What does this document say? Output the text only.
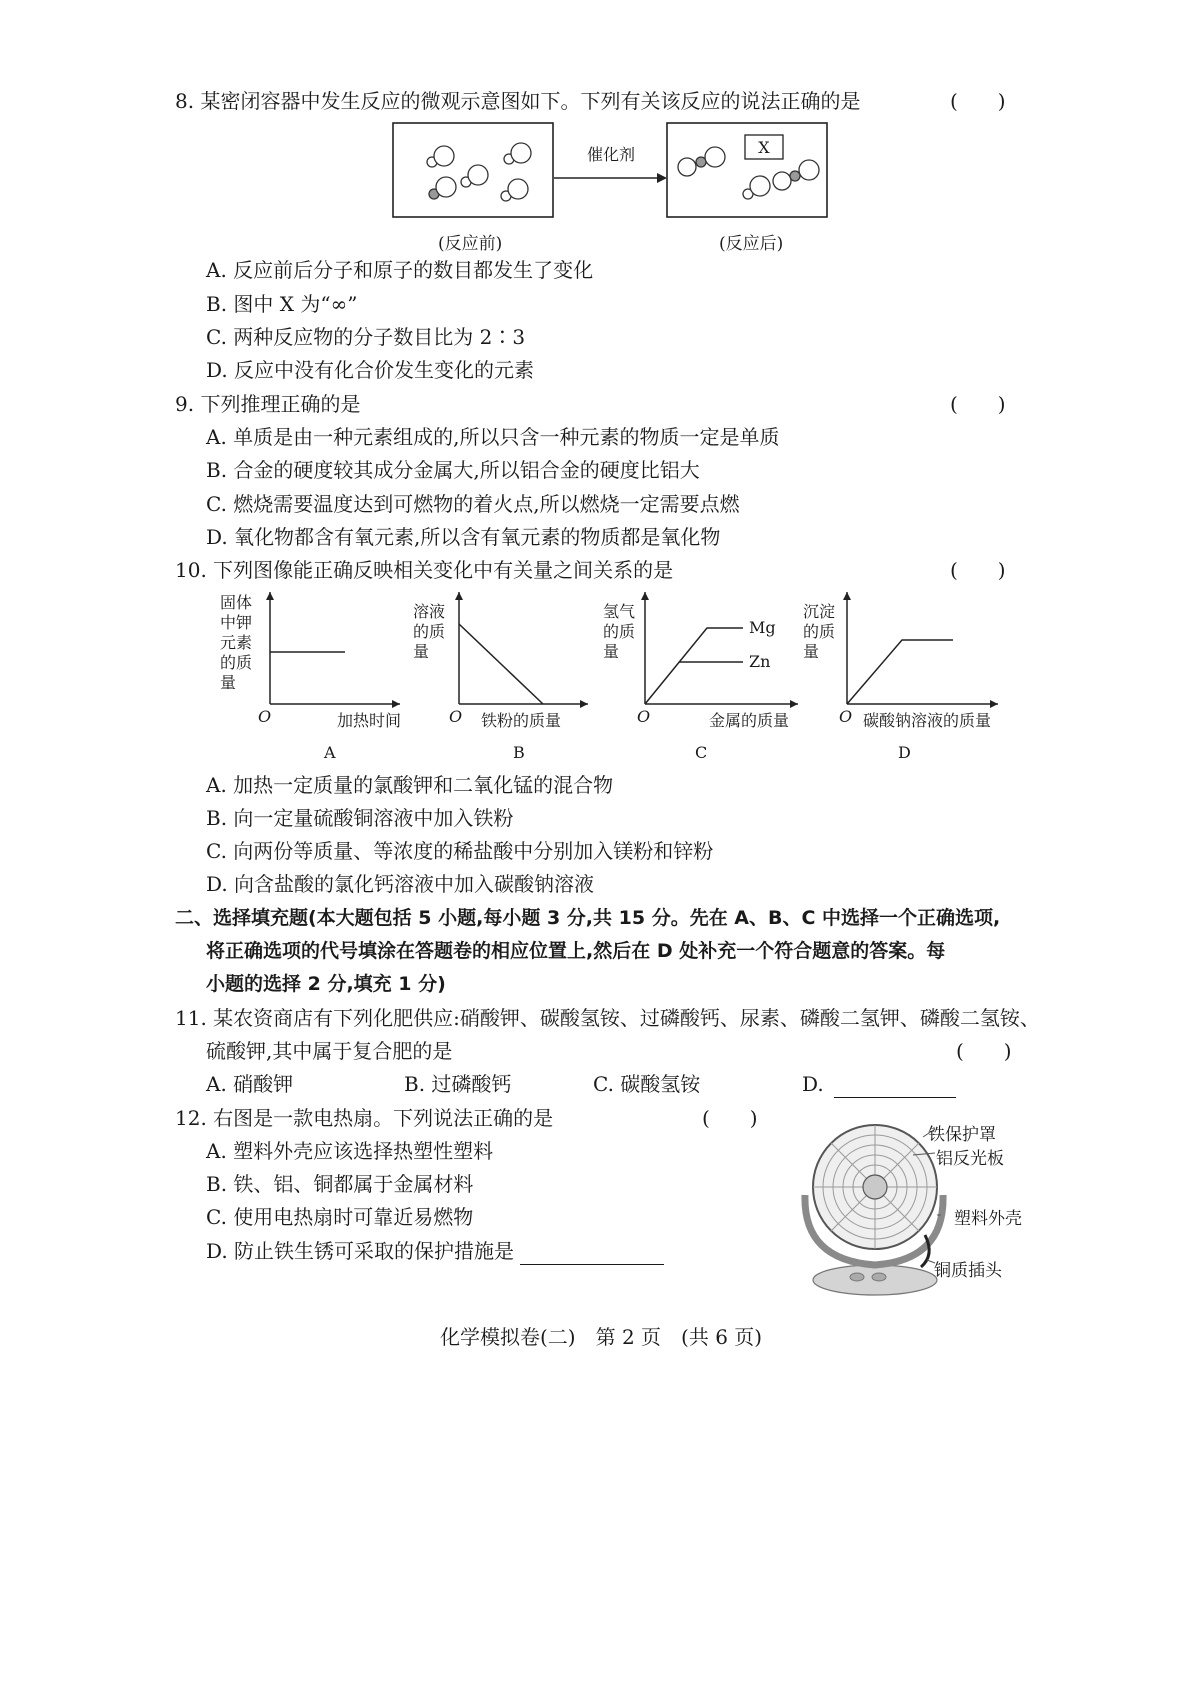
8. 某密闭容器中发生反应的微观示意图如下。下列有关该反应的说法正确的是	(　　)
催化剂	X
(反应前)	(反应后)
A. 反应前后分子和原子的数目都发生了变化
B. 图中 X 为“∞”
C. 两种反应物的分子数目比为 2∶3
D. 反应中没有化合价发生变化的元素
9. 下列推理正确的是	(　　)
A. 单质是由一种元素组成的,所以只含一种元素的物质一定是单质
B. 合金的硬度较其成分金属大,所以铝合金的硬度比铝大
C. 燃烧需要温度达到可燃物的着火点,所以燃烧一定需要点燃
D. 氧化物都含有氧元素,所以含有氧元素的物质都是氧化物
10. 下列图像能正确反映相关变化中有关量之间关系的是	(　　)
固体
中钾
元素
的质
量
O	加热时间
A
溶液
的质
量
O 铁粉的质量
B
氢气
的质
量
Mg
Zn
O	金属的质量
C
沉淀
的质
量
O 碳酸钠溶液的质量
D
A. 加热一定质量的氯酸钾和二氧化锰的混合物
B. 向一定量硫酸铜溶液中加入铁粉
C. 向两份等质量、等浓度的稀盐酸中分别加入镁粉和锌粉
D. 向含盐酸的氯化钙溶液中加入碳酸钠溶液
二、选择填充题(本大题包括 5 小题,每小题 3 分,共 15 分。先在 A、B、C 中选择一个正确选项,
将正确选项的代号填涂在答题卷的相应位置上,然后在 D 处补充一个符合题意的答案。每
小题的选择 2 分,填充 1 分)
11. 某农资商店有下列化肥供应:硝酸钾、碳酸氢铵、过磷酸钙、尿素、磷酸二氢钾、磷酸二氢铵、
硫酸钾,其中属于复合肥的是	(　　)
A. 硝酸钾	B. 过磷酸钙	C. 碳酸氢铵	D.
12. 右图是一款电热扇。下列说法正确的是	(　　)
A. 塑料外壳应该选择热塑性塑料
B. 铁、铝、铜都属于金属材料
C. 使用电热扇时可靠近易燃物
D. 防止铁生锈可采取的保护措施是
铁保护罩
铝反光板
塑料外壳
铜质插头
化学模拟卷(二)　第 2 页　(共 6 页)
